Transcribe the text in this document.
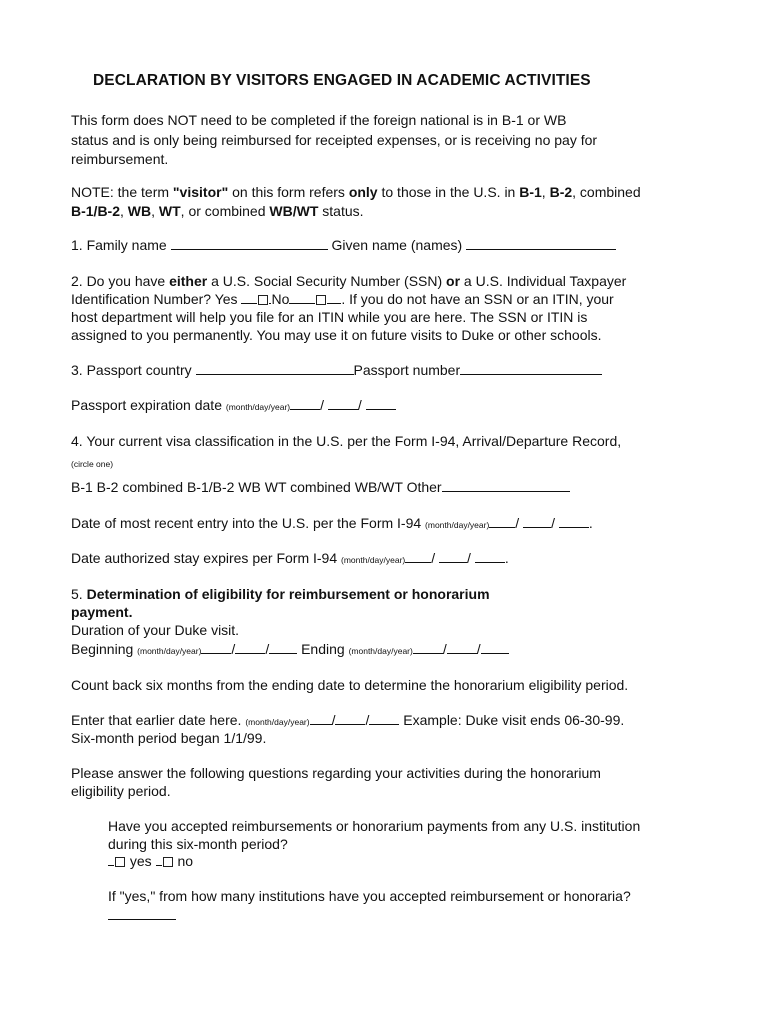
DECLARATION BY VISITORS ENGAGED IN ACADEMIC ACTIVITIES
This form does NOT need to be completed if the foreign national is in B-1 or WB
status and is only being reimbursed for receipted expenses, or is receiving no pay for
reimbursement.
NOTE: the term "visitor" on this form refers only to those in the U.S. in B-1, B-2, combined
B-1/B-2, WB, WT, or combined WB/WT status.
1. Family name	Given name (names)
2. Do you have either a U.S. Social Security Number (SSN) or a U.S. Individual Taxpayer
Identification Number? Yes No	. If you do not have an SSN or an ITIN, your
host department will help you file for an ITIN while you are here. The SSN or ITIN is
assigned to you permanently. You may use it on future visits to Duke or other schools.
3. Passport country	Passport number
Passport expiration date (month/day/year) / /
4. Your current visa classification in the U.S. per the Form I-94, Arrival/Departure Record,
(circle one)
B-1 B-2 combined B-1/B-2 WB WT combined WB/WT Other
Date of most recent entry into the U.S. per the Form I-94 (month/day/year) / / .
Date authorized stay expires per Form I-94 (month/day/year) / / .
5. Determination of eligibility for reimbursement or honorarium
payment.
Duration of your Duke visit.
Beginning (month/day/year) / / Ending (month/day/year) / /
Count back six months from the ending date to determine the honorarium eligibility period.
Enter that earlier date here. (month/day/year) / / Example: Duke visit ends 06-30-99.
Six-month period began 1/1/99.
Please answer the following questions regarding your activities during the honorarium
eligibility period.
Have you accepted reimbursements or honorarium payments from any U.S. institution
during this six-month period?
yes no
If "yes," from how many institutions have you accepted reimbursement or honoraria?
